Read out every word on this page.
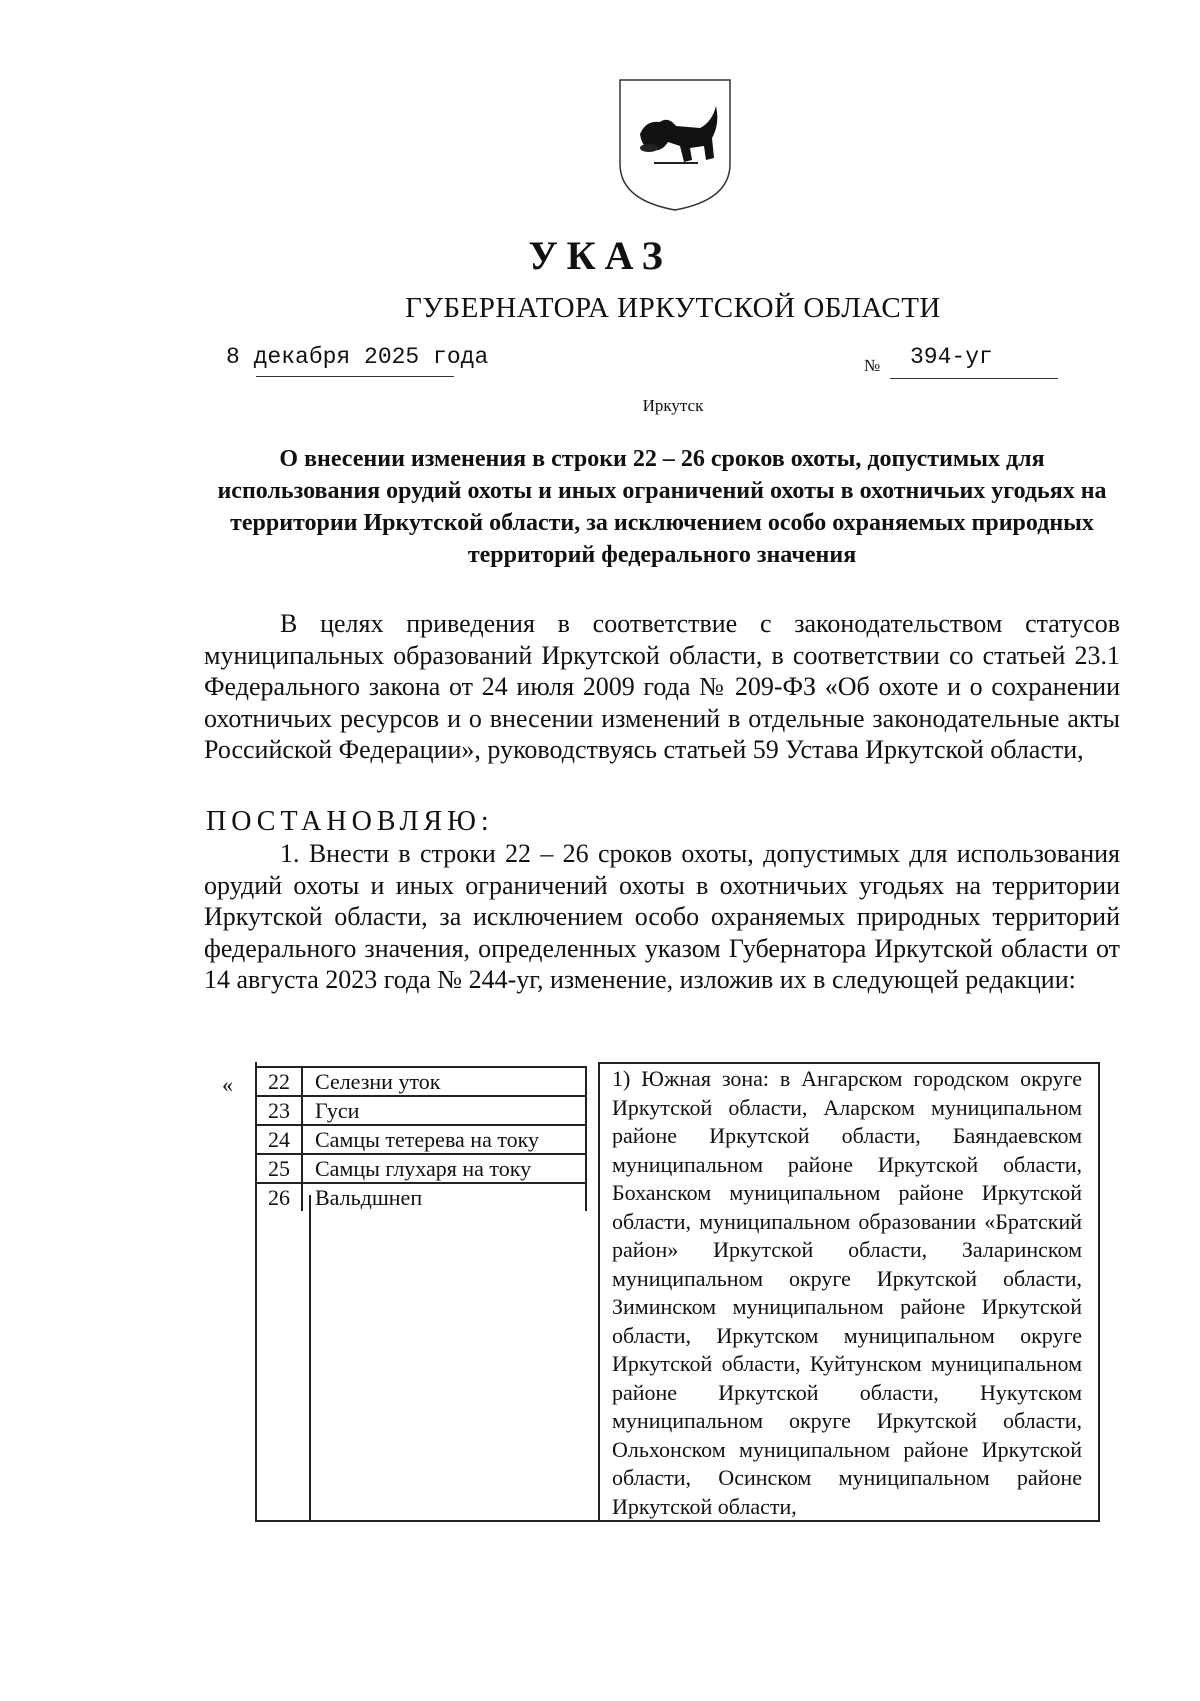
УКАЗ
ГУБЕРНАТОРА ИРКУТСКОЙ ОБЛАСТИ
8 декабря 2025 года	№ 394-уг
Иркутск
О внесении изменения в строки 22 – 26 сроков охоты, допустимых для использования орудий охоты и иных ограничений охоты в охотничьих угодьях на территории Иркутской области, за исключением особо охраняемых природных территорий федерального значения
В целях приведения в соответствие с законодательством статусов муниципальных образований Иркутской области, в соответствии со статьей 23.1 Федерального закона от 24 июля 2009 года № 209-ФЗ «Об охоте и о сохранении охотничьих ресурсов и о внесении изменений в отдельные законодательные акты Российской Федерации», руководствуясь статьей 59 Устава Иркутской области,
ПОСТАНОВЛЯЮ:
1. Внести в строки 22 – 26 сроков охоты, допустимых для использования орудий охоты и иных ограничений охоты в охотничьих угодьях на территории Иркутской области, за исключением особо охраняемых природных территорий федерального значения, определенных указом Губернатора Иркутской области от 14 августа 2023 года № 244-уг, изменение, изложив их в следующей редакции:
« 22	Селезни уток
23	Гуси
24	Самцы тетерева на току
25	Самцы глухаря на току
26	Вальдшнеп
1) Южная зона: в Ангарском городском округе Иркутской области, Аларском муниципальном районе Иркутской области, Баяндаевском муниципальном районе Иркутской области, Боханском муниципальном районе Иркутской области, муниципальном образовании «Братский район» Иркутской области, Заларинском муниципальном округе Иркутской области, Зиминском муниципальном районе Иркутской области, Иркутском муниципальном округе Иркутской области, Куйтунском муниципальном районе Иркутской области, Нукутском муниципальном округе Иркутской области, Ольхонском муниципальном районе Иркутской области, Осинском муниципальном районе Иркутской области,
